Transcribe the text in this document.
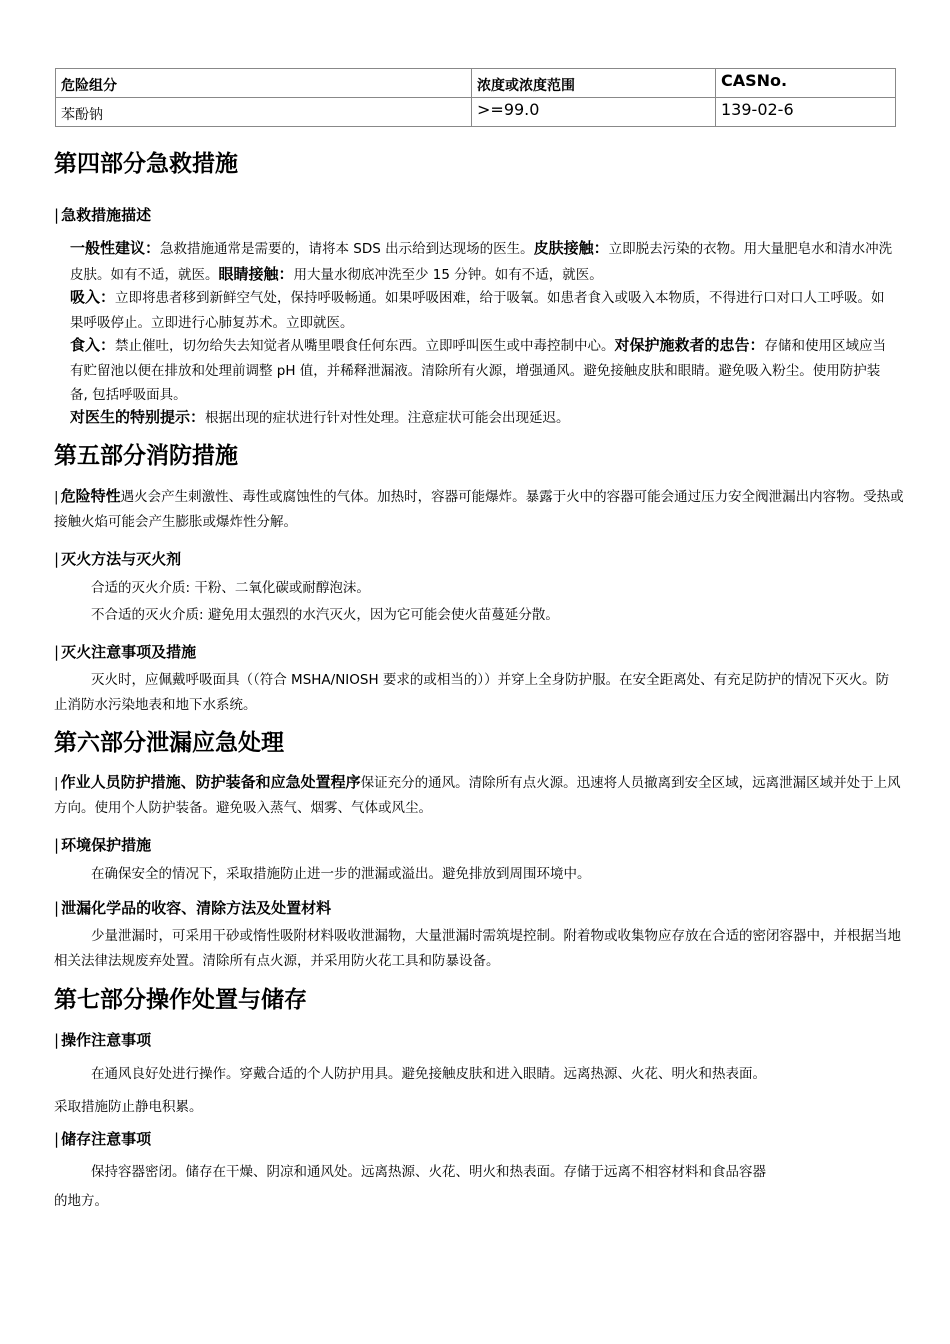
危险组分	浓度或浓度范围	CASNo.
苯酚钠	>=99.0	139-02-6
第四部分急救措施
| 急救措施描述

一般性建议：急救措施通常是需要的，请将本 SDS 出示给到达现场的医生。皮肤接触：立即脱去污染的衣物。用大量肥皂水和清水冲洗皮肤。如有不适，就医。眼睛接触：用大量水彻底冲洗至少 15 分钟。如有不适，就医。

吸入：立即将患者移到新鲜空气处，保持呼吸畅通。如果呼吸困难，给于吸氧。如患者食入或吸入本物质，不得进行口对口人工呼吸。如果呼吸停止。立即进行心肺复苏术。立即就医。

食入：禁止催吐，切勿给失去知觉者从嘴里喂食任何东西。立即呼叫医生或中毒控制中心。对保护施救者的忠告：存储和使用区域应当有贮留池以便在排放和处理前调整 pH 值，并稀释泄漏液。清除所有火源，增强通风。避免接触皮肤和眼睛。避免吸入粉尘。使用防护装备, 包括呼吸面具。

对医生的特别提示：根据出现的症状进行针对性处理。注意症状可能会出现延迟。

第五部分消防措施

| 危险特性遇火会产生刺激性、毒性或腐蚀性的气体。加热时，容器可能爆炸。暴露于火中的容器可能会通过压力安全阀泄漏出内容物。受热或接触火焰可能会产生膨胀或爆炸性分解。

| 灭火方法与灭火剂

合适的灭火介质: 干粉、二氧化碳或耐醇泡沫。

不合适的灭火介质: 避免用太强烈的水汽灭火，因为它可能会使火苗蔓延分散。

| 灭火注意事项及措施

灭火时，应佩戴呼吸面具（（符合 MSHA/NIOSH 要求的或相当的））并穿上全身防护服。在安全距离处、有充足防护的情况下灭火。防止消防水污染地表和地下水系统。

第六部分泄漏应急处理

| 作业人员防护措施、防护装备和应急处置程序保证充分的通风。清除所有点火源。迅速将人员撤离到安全区域，远离泄漏区域并处于上风方向。使用个人防护装备。避免吸入蒸气、烟雾、气体或风尘。

| 环境保护措施

在确保安全的情况下，采取措施防止进一步的泄漏或溢出。避免排放到周围环境中。

| 泄漏化学品的收容、清除方法及处置材料

少量泄漏时，可采用干砂或惰性吸附材料吸收泄漏物，大量泄漏时需筑堤控制。附着物或收集物应存放在合适的密闭容器中，并根据当地相关法律法规废弃处置。清除所有点火源，并采用防火花工具和防暴设备。

第七部分操作处置与储存
| 操作注意事项

在通风良好处进行操作。穿戴合适的个人防护用具。避免接触皮肤和进入眼睛。远离热源、火花、明火和热表面。

采取措施防止静电积累。

| 储存注意事项

保持容器密闭。储存在干燥、阴凉和通风处。远离热源、火花、明火和热表面。存储于远离不相容材料和食品容器

的地方。
